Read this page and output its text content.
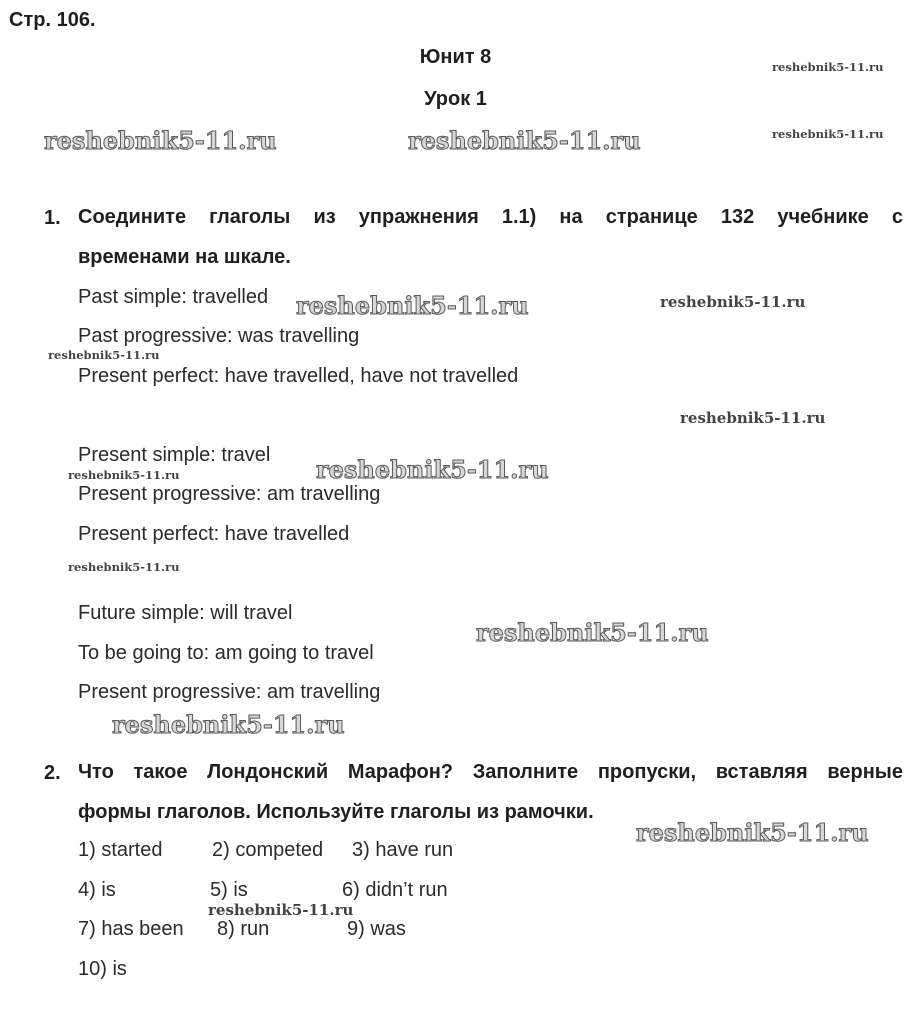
Стр. 106.
Юнит 8
Урок 1
1. Соедините глаголы из упражнения 1.1) на странице 132 учебнике с
временами на шкале.
Past simple: travelled
Past progressive: was travelling
Present perfect: have travelled, have not travelled
Present simple: travel
Present progressive: am travelling
Present perfect: have travelled
Future simple: will travel
To be going to: am going to travel
Present progressive: am travelling
2. Что такое Лондонский Марафон? Заполните пропуски, вставляя верные
формы глаголов. Используйте глаголы из рамочки.
1) started 2) competed 3) have run
4) is	5) is	6) didn’t run
7) has been 8) run	9) was
10) is
reshebnik5-11.ru
reshebnik5-11.ru
reshebnik5-11.ru	reshebnik5-11.ru
reshebnik5-11.ru	reshebnik5-11.ru
reshebnik5-11.ru
reshebnik5-11.ru
reshebnik5-11.ru
reshebnik5-11.ru
reshebnik5-11.ru
reshebnik5-11.ru
reshebnik5-11.ru
reshebnik5-11.ru
reshebnik5-11.ru
